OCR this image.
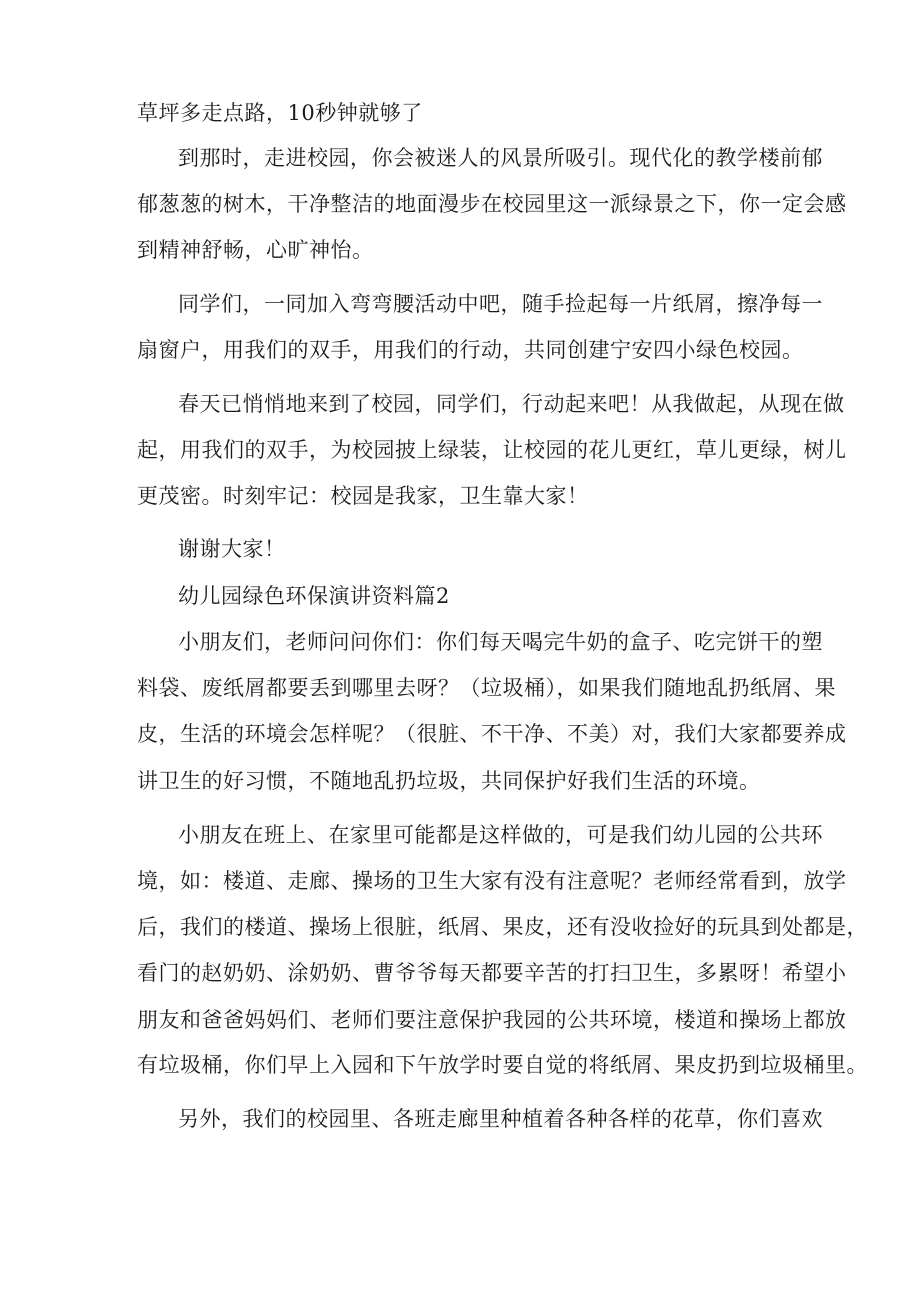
草坪多走点路，10秒钟就够了

到那时，走进校园，你会被迷人的风景所吸引。现代化的教学楼前郁

郁葱葱的树木，干净整洁的地面漫步在校园里这一派绿景之下，你一定会感

到精神舒畅，心旷神怡。

同学们，一同加入弯弯腰活动中吧，随手捡起每一片纸屑，擦净每一

扇窗户，用我们的双手，用我们的行动，共同创建宁安四小绿色校园。

春天已悄悄地来到了校园，同学们，行动起来吧！从我做起，从现在做

起，用我们的双手，为校园披上绿装，让校园的花儿更红，草儿更绿，树儿

更茂密。时刻牢记：校园是我家，卫生靠大家！

谢谢大家！

幼儿园绿色环保演讲资料篇2

小朋友们，老师问问你们：你们每天喝完牛奶的盒子、吃完饼干的塑

料袋、废纸屑都要丢到哪里去呀？（垃圾桶），如果我们随地乱扔纸屑、果

皮，生活的环境会怎样呢？（很脏、不干净、不美）对，我们大家都要养成

讲卫生的好习惯，不随地乱扔垃圾，共同保护好我们生活的环境。

小朋友在班上、在家里可能都是这样做的，可是我们幼儿园的公共环

境，如：楼道、走廊、操场的卫生大家有没有注意呢？老师经常看到，放学

后，我们的楼道、操场上很脏，纸屑、果皮，还有没收捡好的玩具到处都是，

看门的赵奶奶、涂奶奶、曹爷爷每天都要辛苦的打扫卫生，多累呀！希望小

朋友和爸爸妈妈们、老师们要注意保护我园的公共环境，楼道和操场上都放

有垃圾桶，你们早上入园和下午放学时要自觉的将纸屑、果皮扔到垃圾桶里。

另外，我们的校园里、各班走廊里种植着各种各样的花草，你们喜欢
